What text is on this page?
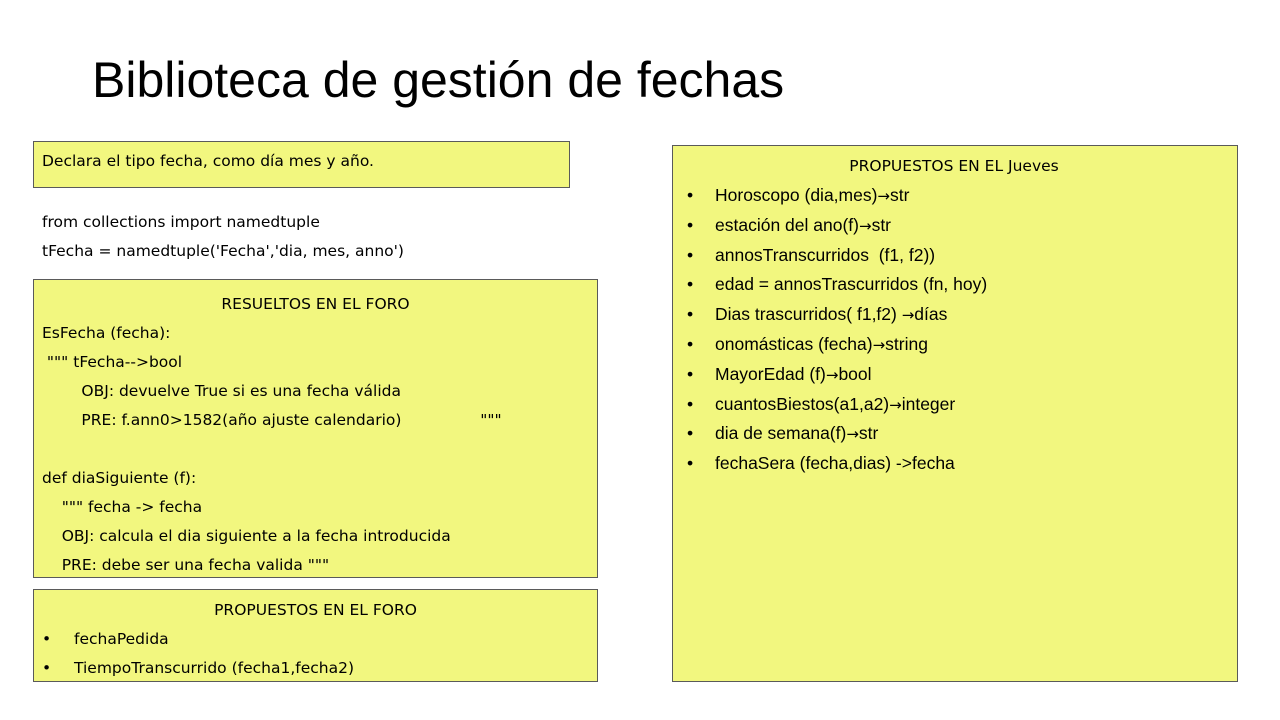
Biblioteca de gestión de fechas
Declara el tipo fecha, como día mes y año.
from collections import namedtuple
tFecha = namedtuple('Fecha','dia, mes, anno')
RESUELTOS EN EL FORO
EsFecha (fecha):
""" tFecha-->bool
OBJ: devuelve True si es una fecha válida
PRE: f.ann0>1582(año ajuste calendario)                """
def diaSiguiente (f):
""" fecha -> fecha
OBJ: calcula el dia siguiente a la fecha introducida
PRE: debe ser una fecha valida """
PROPUESTOS EN EL FORO
• fechaPedida
• TiempoTranscurrido (fecha1,fecha2)
PROPUESTOS EN EL Jueves
• Horoscopo (dia,mes)→str
• estación del ano(f)→str
• annosTranscurridos  (f1, f2))
• edad = annosTrascurridos (fn, hoy)
• Dias trascurridos( f1,f2) →días
• onomásticas (fecha)→string
• MayorEdad (f)→bool
• cuantosBiestos(a1,a2)→integer
• dia de semana(f)→str
• fechaSera (fecha,dias) ->fecha
